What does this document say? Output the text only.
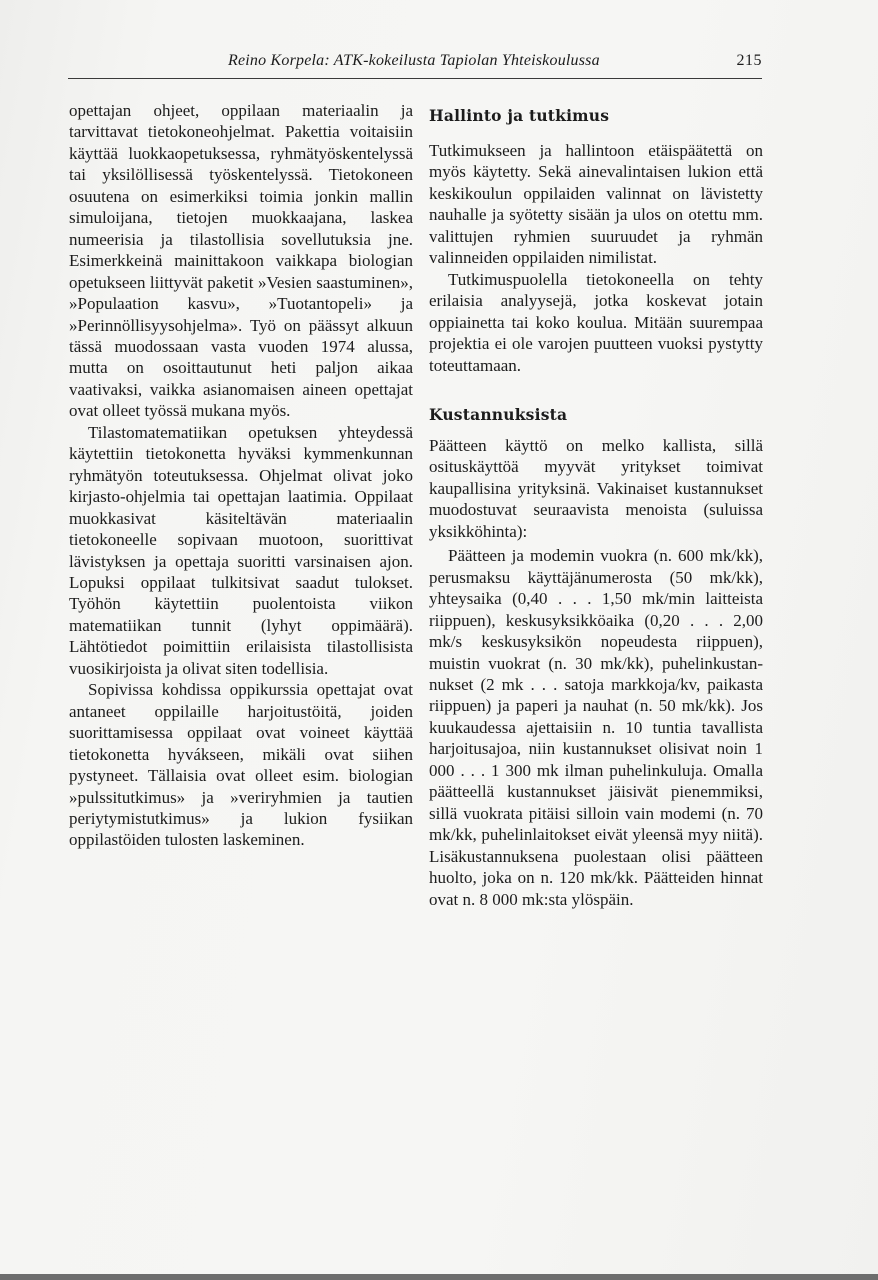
Reino Korpela: ATK-kokeilusta Tapiolan Yhteiskoulussa	215

opettajan ohjeet, oppilaan materiaalin ja tarvittavat tietokoneohjelmat. Pakettia voitaisiin käyttää luokkaopetuksessa, ryhmätyöskentelyssä tai yksilöllisessä työskentelyssä. Tietokoneen osuutena on esimerkiksi toimia jonkin mallin simuloijana, tietojen muokkaajana, laskea numeerisia ja tilastollisia sovellutuksia jne. Esimerkkeinä mainittakoon vaikkapa biologian opetukseen liittyvät paketit »Vesien saastuminen», »Populaation kasvu», »Tuotantopeli» ja »Perinnöllisyysohjelma». Työ on päässyt alkuun tässä muodossaan vasta vuoden 1974 alussa, mutta on osoittautunut heti paljon aikaa vaativaksi, vaikka asianomaisen aineen opettajat ovat olleet työssä mukana myös.

Tilastomatematiikan opetuksen yhteydessä käytettiin tietokonetta hyväksi kymmenkunnan ryhmätyön toteutuksessa. Ohjelmat olivat joko kirjasto-ohjelmia tai opettajan laatimia. Oppilaat muokkasivat käsiteltävän materiaalin tietokoneelle sopivaan muotoon, suorittivat lävistyksen ja opettaja suoritti varsinaisen ajon. Lopuksi oppilaat tulkitsivat saadut tulokset. Työhön käytettiin puolentoista viikon matematiikan tunnit (lyhyt oppimäärä). Lähtötiedot poimittiin erilaisista tilastollisista vuosikirjoista ja olivat siten todellisia.

Sopivissa kohdissa oppikurssia opettajat ovat antaneet oppilaille harjoitustöitä, joiden suorittamisessa oppilaat ovat voineet käyttää tietokonetta hyvákseen, mikäli ovat siihen pystyneet. Tällaisia ovat olleet esim. biologian »pulssitutkimus» ja »veriryhmien ja tautien periytymistutkimus» ja lukion fysiikan oppilastöiden tulosten laskeminen.

Hallinto ja tutkimus

Tutkimukseen ja hallintoon etäispäätettä on myös käytetty. Sekä ainevalintaisen lukion että keskikoulun oppilaiden valinnat on lävistetty nauhalle ja syötetty sisään ja ulos on otettu mm. valittujen ryhmien suuruudet ja ryhmän valinneiden oppilaiden nimilistat.

Tutkimuspuolella tietokoneella on tehty erilaisia analyysejä, jotka koskevat jotain oppiainetta tai koko koulua. Mitään suurempaa projektia ei ole varojen puutteen vuoksi pystytty toteuttamaan.

Kustannuksista

Päätteen käyttö on melko kallista, sillä osituskäyttöä myyvät yritykset toimivat kaupallisina yrityksinä. Vakinaiset kustannukset muodostuvat seuraavista menoista (suluissa yksikköhinta):

Päätteen ja modemin vuokra (n. 600 mk/kk), perusmaksu käyttäjänumerosta (50 mk/kk), yhteysaika (0,40 . . . 1,50 mk/min laitteista riippuen), keskusyksikköaika (0,20 . . . 2,00 mk/s keskusyksikön nopeudesta riippuen), muistin vuokrat (n. 30 mk/kk), puhelinkustannukset (2 mk . . . satoja markkoja/kv, paikasta riippuen) ja paperi ja nauhat (n. 50 mk/kk). Jos kuukaudessa ajettaisiin n. 10 tuntia tavallista harjoitusajoa, niin kustannukset olisivat noin 1 000 . . . 1 300 mk ilman puhelinkuluja. Omalla päätteellä kustannukset jäisivät pienemmiksi, sillä vuokrata pitäisi silloin vain modemi (n. 70 mk/kk, puhelinlaitokset eivät yleensä myy niitä). Lisäkustannuksena puolestaan olisi päätteen huolto, joka on n. 120 mk/kk. Päätteiden hinnat ovat n. 8 000 mk:sta ylöspäin.
